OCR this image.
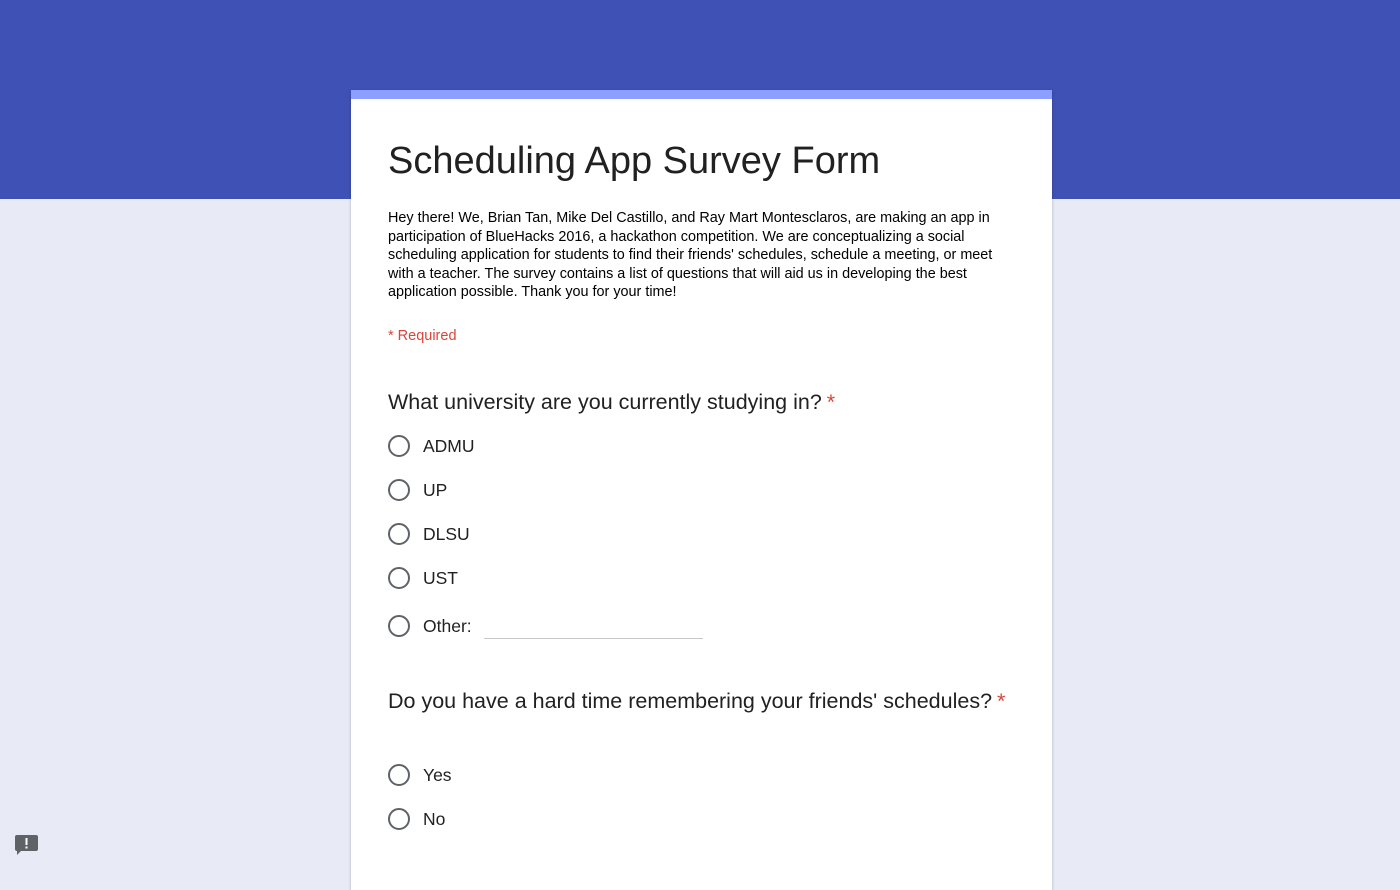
Scheduling App Survey Form

Hey there! We, Brian Tan, Mike Del Castillo, and Ray Mart Montesclaros, are making an app in participation of BlueHacks 2016, a hackathon competition. We are conceptualizing a social scheduling application for students to find their friends' schedules, schedule a meeting, or meet with a teacher. The survey contains a list of questions that will aid us in developing the best application possible. Thank you for your time!

* Required

What university are you currently studying in? *

ADMU
UP
DLSU
UST
Other:

Do you have a hard time remembering your friends' schedules? *

Yes
No
